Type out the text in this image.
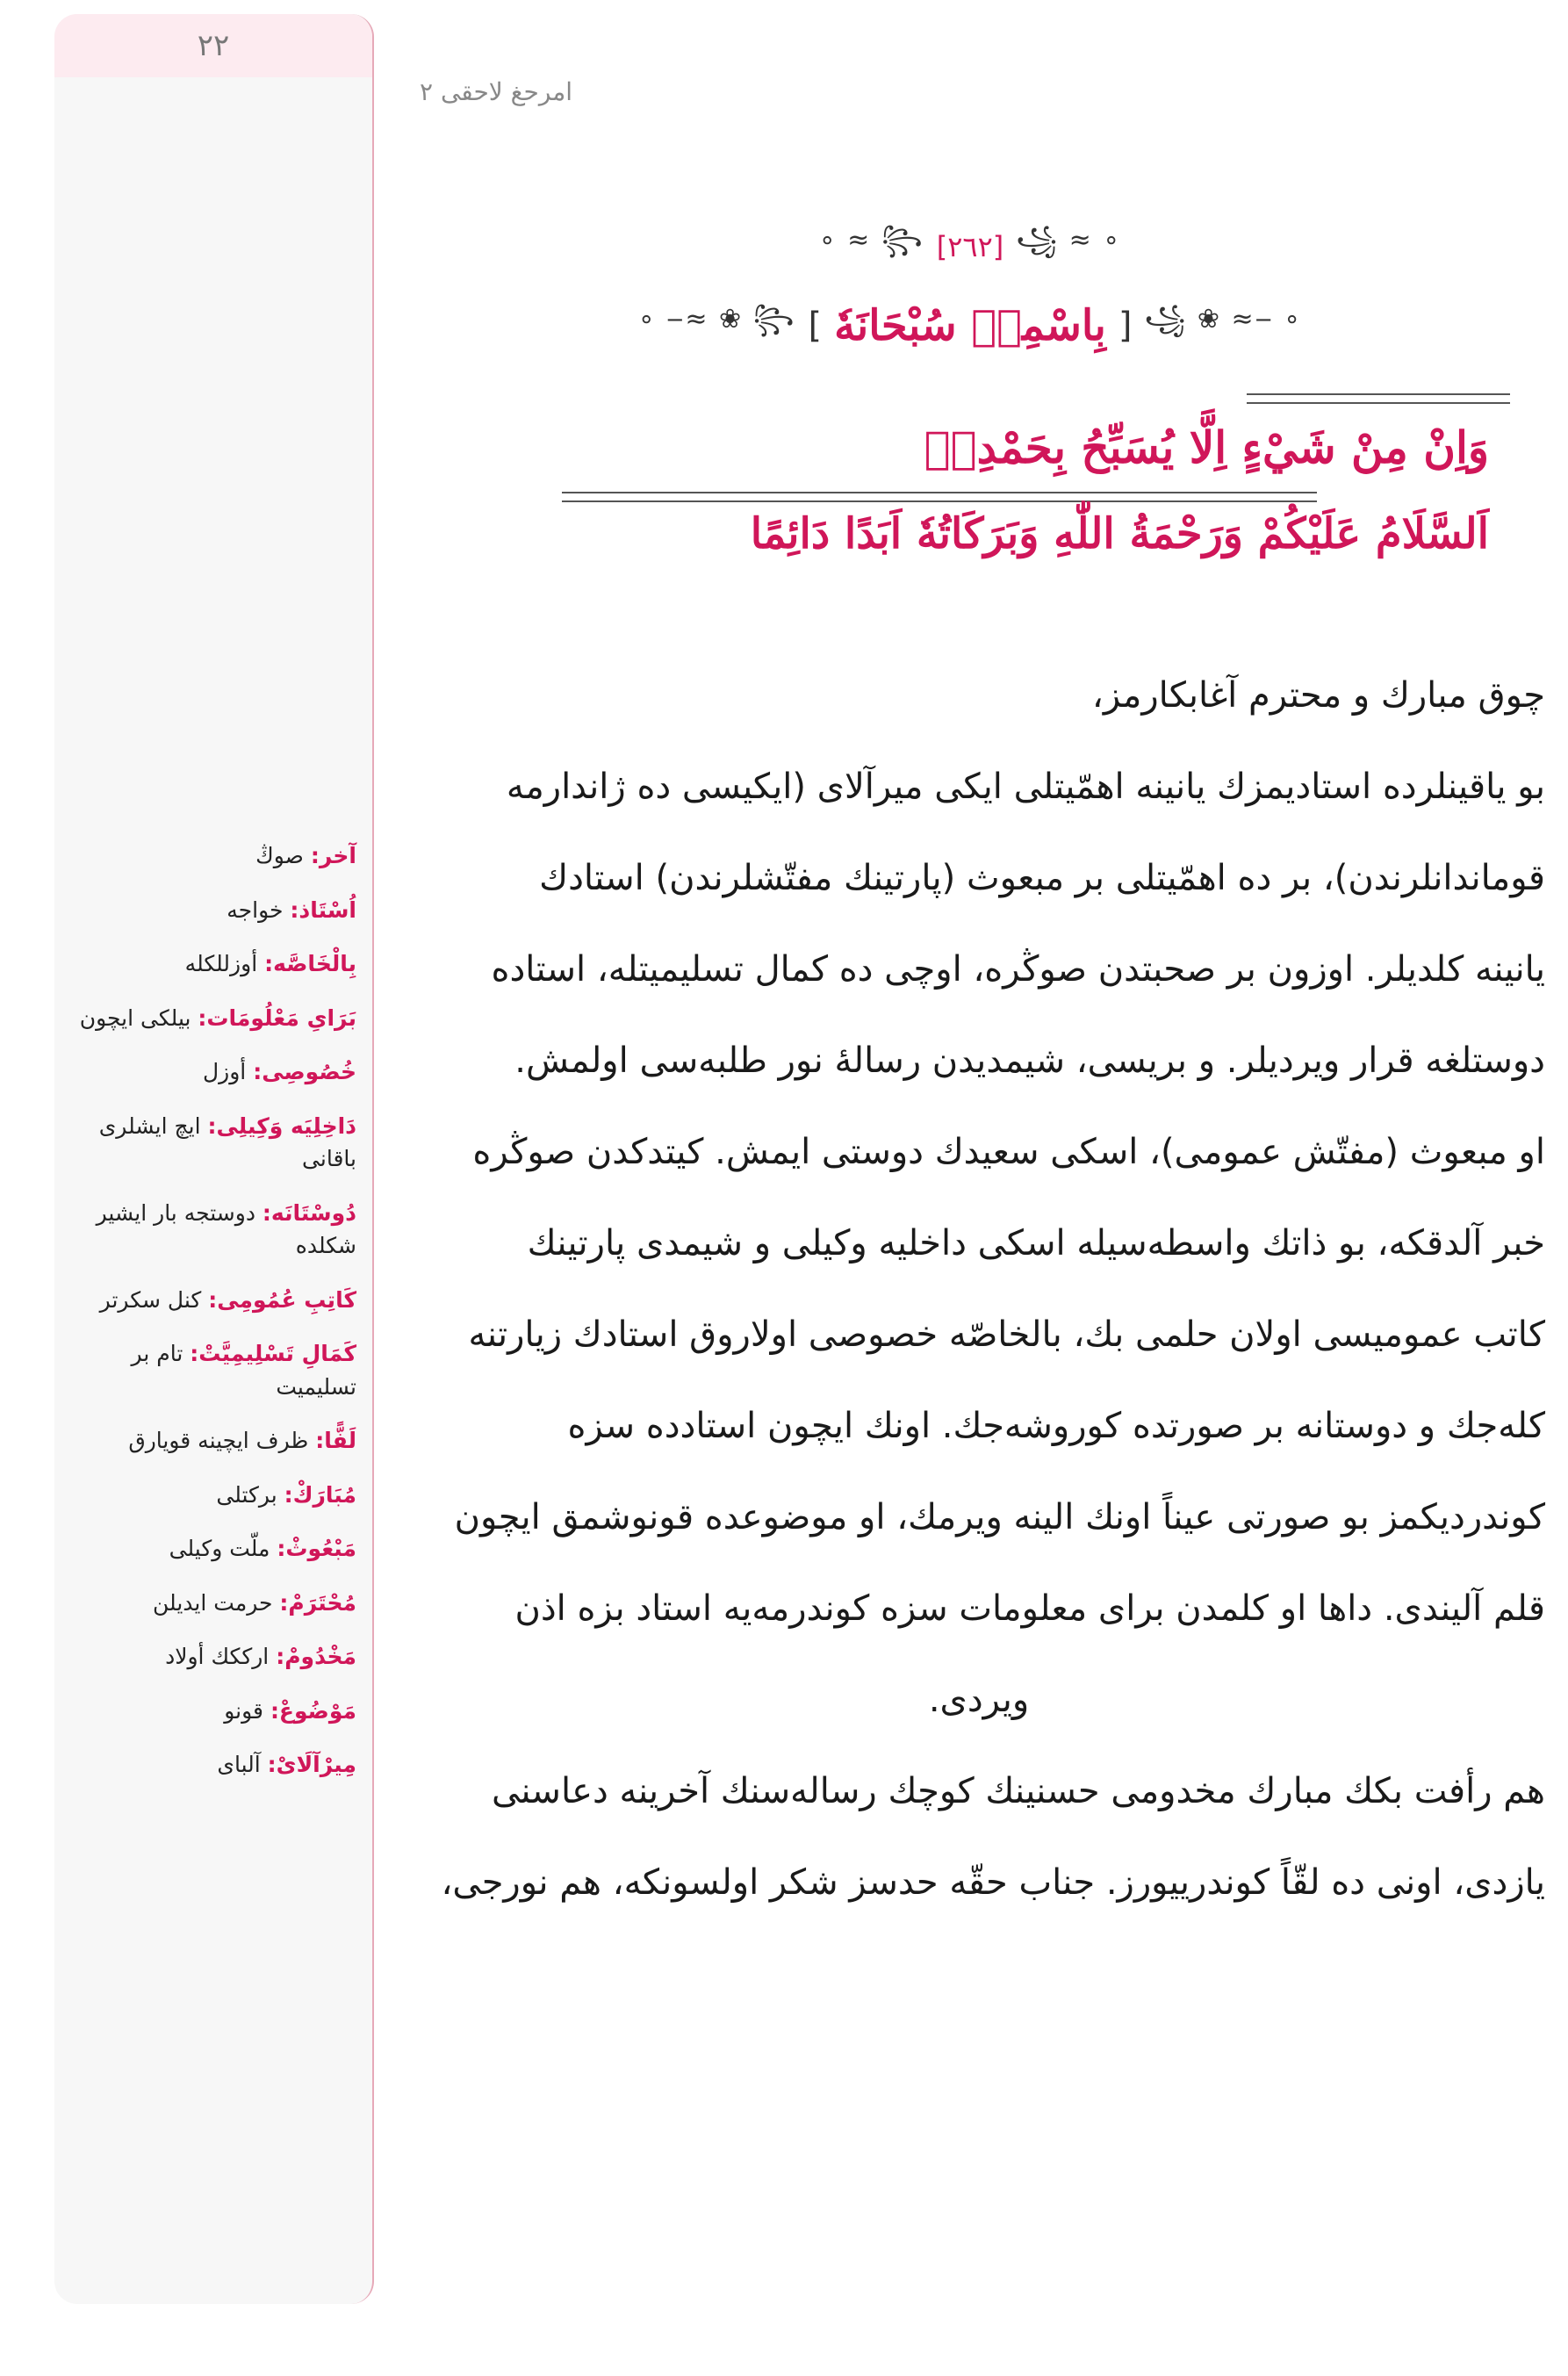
٢٢
آخر: صوڭ
اُسْتَاذ: خواجه
بِالْخَاصَّه: أوزللكله
بَرَاىِ مَعْلُومَات: بيلكى ايچون
خُصُوصِى: أوزل
دَاخِلِيَه وَكِيلِى: ايچ ايشلرى باقانى
دُوسْتَانَه: دوستجه بار ايشير شكلده
كَاتِبِ عُمُومِى: كنل سكرتر
كَمَالِ تَسْلِيمِيَّتْ: تام بر تسليميت
لَفًّا: ظرف ايچينه قويارق
مُبَارَكْ: بركتلى
مَبْعُوثْ: ملّت وكيلى
مُحْتَرَمْ: حرمت ايديلن
مَخْدُومْ: ارككك أولاد
مَوْضُوعْ: قونو
مِيرْآلَاىْ: آلباى
امرحغ لاحقى ٢
∘ ≈ ꧁
[٢٦٢]
꧂ ≈ ∘
∘ ‒≈ ❀ ꧁
[
بِاسْمِهٖ سُبْحَانَهٗ
]
꧂ ❀ ≈‒ ∘
وَاِنْ مِنْ شَيْءٍ اِلَّا يُسَبِّحُ بِحَمْدِهٖ
اَلسَّلَامُ عَلَيْكُمْ وَرَحْمَةُ اللّٰهِ وَبَرَكَاتُهٗ اَبَدًا دَائِمًا

چوق مبارك و محترم آغابكارمز،

بو ياقينلرده استاديمزك يانينه اهمّيتلى ايكى ميرآلاى (ايكيسى ده ژاندارمه

قوماندانلرندن)، بر ده اهمّيتلى بر مبعوث (پارتينك مفتّشلرندن) استادك

يانينه كلديلر. اوزون بر صحبتدن صوڭره، اوچى ده كمال تسليميتله، استاده

دوستلغه قرار ويرديلر. و بريسى، شيمديدن رسالهٔ نور طلبه‌سى اولمش.

او مبعوث (مفتّش عمومى)، اسكى سعيدك دوستى ايمش. كيتدكدن صوڭره

خبر آلدقكه، بو ذاتك واسطه‌سيله اسكى داخليه وكيلى و شيمدى پارتينك

كاتب عموميسى اولان حلمى بك، بالخاصّه خصوصى اولاروق استادك زيارتنه

كله‌جك و دوستانه بر صورتده كوروشه‌جك. اونك ايچون استادده سزه

كوندرديكمز بو صورتى عيناً اونك الينه ويرمك، او موضوعده قونوشمق ايچون

قلم آليندى. داها او كلمدن براى معلومات سزه كوندرمه‌يه استاد بزه اذن

ويردى.

هم رأفت بكك مبارك مخدومى حسنينك كوچك رساله‌سنك آخرينه دعاسنى

يازدى، اونى ده لقّاً كوندرييورز. جناب حقّه حدسز شكر اولسونكه، هم نورجى،
